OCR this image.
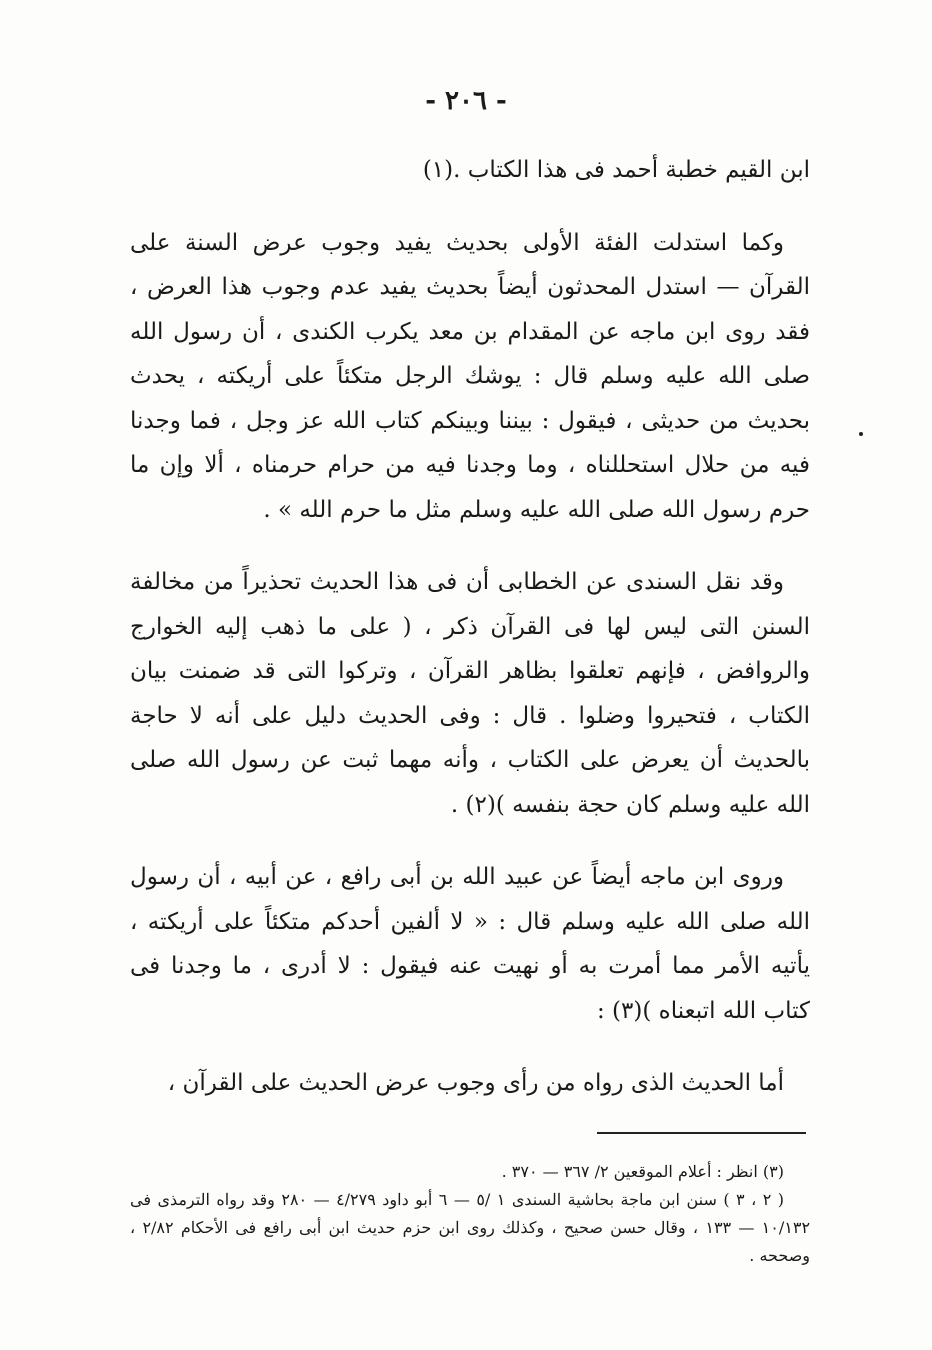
- ٢٠٦ -

ابن القيم خطبة أحمد فى هذا الكتاب .(١)

وكما استدلت الفئة الأولى بحديث يفيد وجوب عرض السنة على القرآن — استدل المحدثون أيضاً بحديث يفيد عدم وجوب هذا العرض ، فقد روى ابن ماجه عن المقدام بن معد يكرب الكندى ، أن رسول الله صلى الله عليه وسلم قال : يوشك الرجل متكئاً على أريكته ، يحدث بحديث من حديثى ، فيقول : بيننا وبينكم كتاب الله عز وجل ، فما وجدنا فيه من حلال استحللناه ، وما وجدنا فيه من حرام حرمناه ، ألا وإن ما حرم رسول الله صلى الله عليه وسلم مثل ما حرم الله » .

وقد نقل السندى عن الخطابى أن فى هذا الحديث تحذيراً من مخالفة السنن التى ليس لها فى القرآن ذكر ، ( على ما ذهب إليه الخوارج والروافض ، فإنهم تعلقوا بظاهر القرآن ، وتركوا التى قد ضمنت بيان الكتاب ، فتحيروا وضلوا . قال : وفى الحديث دليل على أنه لا حاجة بالحديث أن يعرض على الكتاب ، وأنه مهما ثبت عن رسول الله صلى الله عليه وسلم كان حجة بنفسه )(٢) .

وروى ابن ماجه أيضاً عن عبيد الله بن أبى رافع ، عن أبيه ، أن رسول الله صلى الله عليه وسلم قال : « لا ألفين أحدكم متكئاً على أريكته ، يأتيه الأمر مما أمرت به أو نهيت عنه فيقول : لا أدرى ، ما وجدنا فى كتاب الله اتبعناه )(٣) :

أما الحديث الذى رواه من رأى وجوب عرض الحديث على القرآن ،

(٣) انظر : أعلام الموقعين ٢/ ٣٦٧ — ٣٧٠ .

( ٢ ، ٣ ) سنن ابن ماجة بحاشية السندى ١ /٥ — ٦ أبو داود ٤/٢٧٩ — ٢٨٠ وقد رواه الترمذى فى ١٠/١٣٢ — ١٣٣ ، وقال حسن صحيح ، وكذلك روى ابن حزم حديث ابن أبى رافع فى الأحكام ٢/٨٢ ، وصححه .
